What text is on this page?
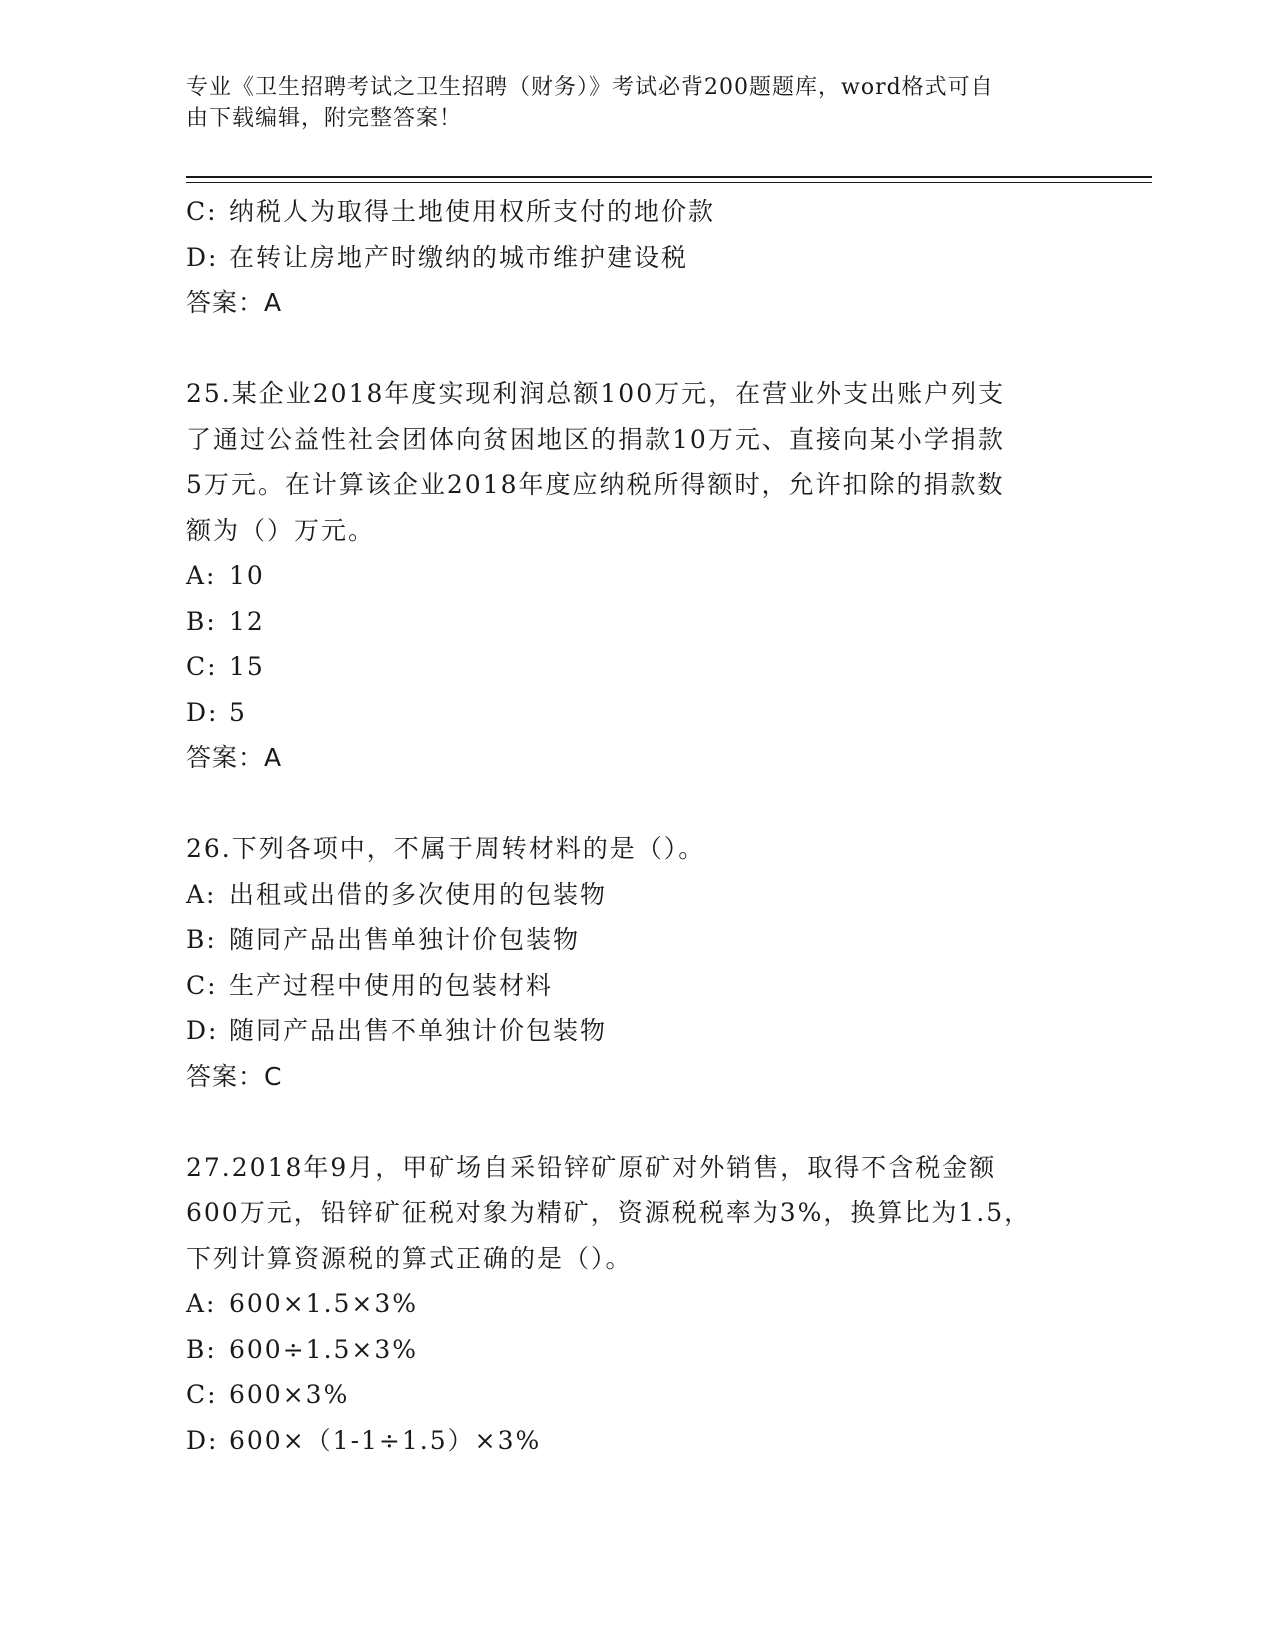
专业《卫生招聘考试之卫生招聘（财务）》考试必背200题题库，word格式可自
由下载编辑，附完整答案！
C: 纳税人为取得土地使用权所支付的地价款
D: 在转让房地产时缴纳的城市维护建设税
答案：A
25.某企业2018年度实现利润总额100万元，在营业外支出账户列支
了通过公益性社会团体向贫困地区的捐款10万元、直接向某小学捐款
5万元。在计算该企业2018年度应纳税所得额时，允许扣除的捐款数
额为（）万元。
A: 10
B: 12
C: 15
D: 5
答案：A
26.下列各项中，不属于周转材料的是（）。
A: 出租或出借的多次使用的包装物
B: 随同产品出售单独计价包装物
C: 生产过程中使用的包装材料
D: 随同产品出售不单独计价包装物
答案：C
27.2018年9月，甲矿场自采铅锌矿原矿对外销售，取得不含税金额
600万元，铅锌矿征税对象为精矿，资源税税率为3%，换算比为1.5，
下列计算资源税的算式正确的是（）。
A: 600×1.5×3%
B: 600÷1.5×3%
C: 600×3%
D: 600×（1-1÷1.5）×3%
